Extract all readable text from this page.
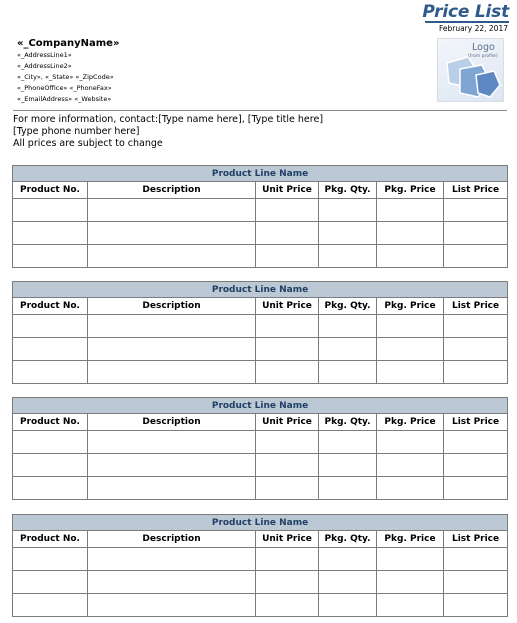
Price List
February 22, 2017
«_CompanyName»
«_AddressLine1»
«_AddressLine2»
«_City», «_State» «_ZipCode»
«_PhoneOffice» «_PhoneFax»
«_EmailAddress» «_Website»
Logo
(from profile)
For more information, contact:[Type name here], [Type title here]
[Type phone number here]
All prices are subject to change
Product Line Name					
Product No.	Description	Unit Price	Pkg. Qty.	Pkg. Price	List Price

Product Line Name					
Product No.	Description	Unit Price	Pkg. Qty.	Pkg. Price	List Price

Product Line Name					
Product No.	Description	Unit Price	Pkg. Qty.	Pkg. Price	List Price

Product Line Name					
Product No.	Description	Unit Price	Pkg. Qty.	Pkg. Price	List Price
